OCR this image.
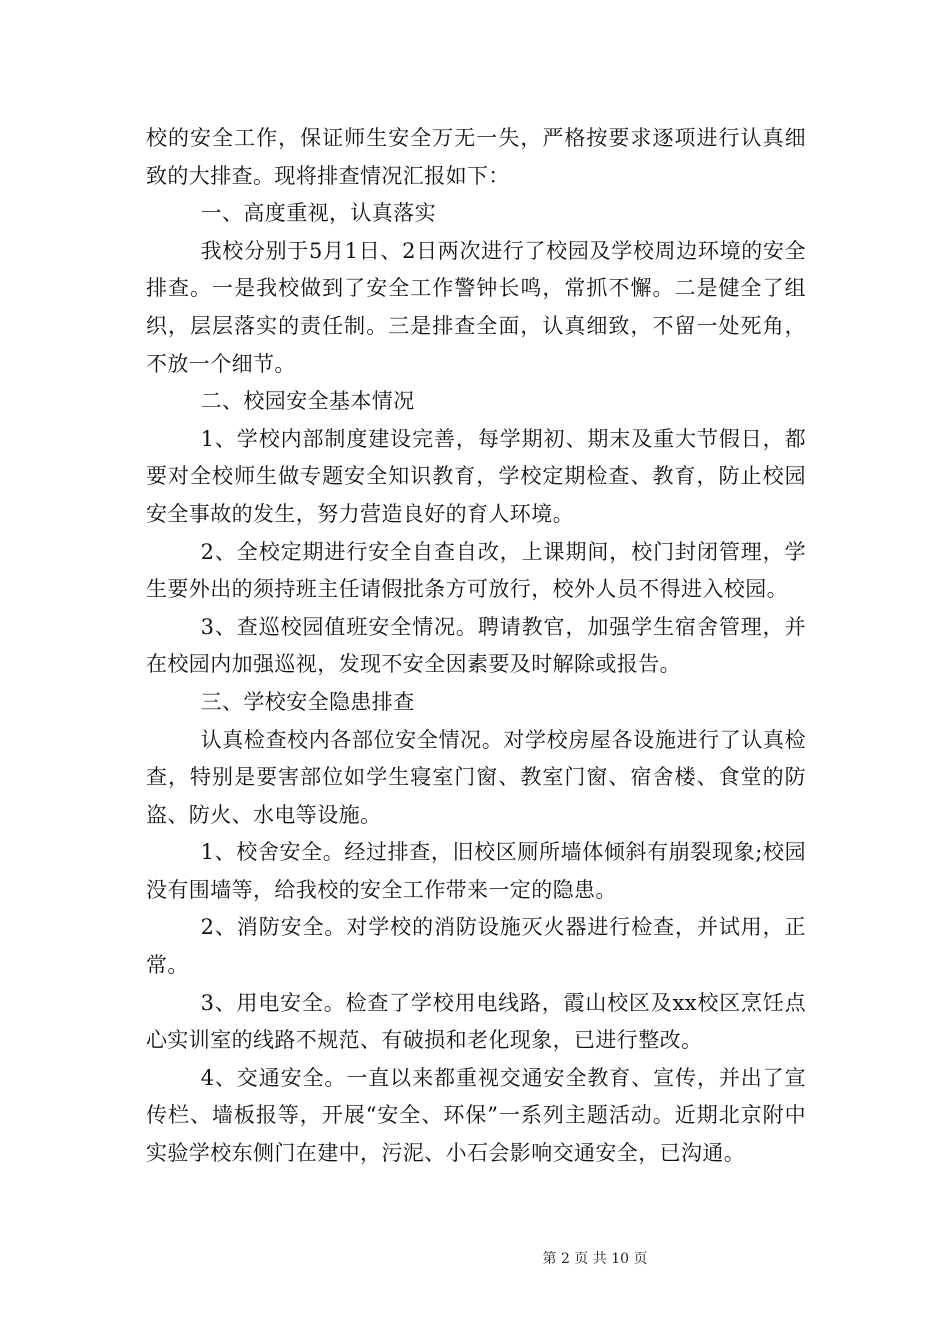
校的安全工作，保证师生安全万无一失，严格按要求逐项进行认真细致的大排查。现将排查情况汇报如下：

一、高度重视，认真落实

我校分别于5月1日、2日两次进行了校园及学校周边环境的安全排查。一是我校做到了安全工作警钟长鸣，常抓不懈。二是健全了组织，层层落实的责任制。三是排查全面，认真细致，不留一处死角，不放一个细节。

二、校园安全基本情况

1、学校内部制度建设完善，每学期初、期末及重大节假日，都要对全校师生做专题安全知识教育，学校定期检查、教育，防止校园安全事故的发生，努力营造良好的育人环境。

2、全校定期进行安全自查自改，上课期间，校门封闭管理，学生要外出的须持班主任请假批条方可放行，校外人员不得进入校园。

3、查巡校园值班安全情况。聘请教官，加强学生宿舍管理，并在校园内加强巡视，发现不安全因素要及时解除或报告。

三、学校安全隐患排查

认真检查校内各部位安全情况。对学校房屋各设施进行了认真检查，特别是要害部位如学生寝室门窗、教室门窗、宿舍楼、食堂的防盗、防火、水电等设施。

1、校舍安全。经过排查，旧校区厕所墙体倾斜有崩裂现象;校园没有围墙等，给我校的安全工作带来一定的隐患。

2、消防安全。对学校的消防设施灭火器进行检查，并试用，正常。

3、用电安全。检查了学校用电线路，霞山校区及xx校区烹饪点心实训室的线路不规范、有破损和老化现象，已进行整改。

4、交通安全。一直以来都重视交通安全教育、宣传，并出了宣传栏、墙板报等，开展“安全、环保”一系列主题活动。近期北京附中实验学校东侧门在建中，污泥、小石会影响交通安全，已沟通。

第 2 页 共 10 页
